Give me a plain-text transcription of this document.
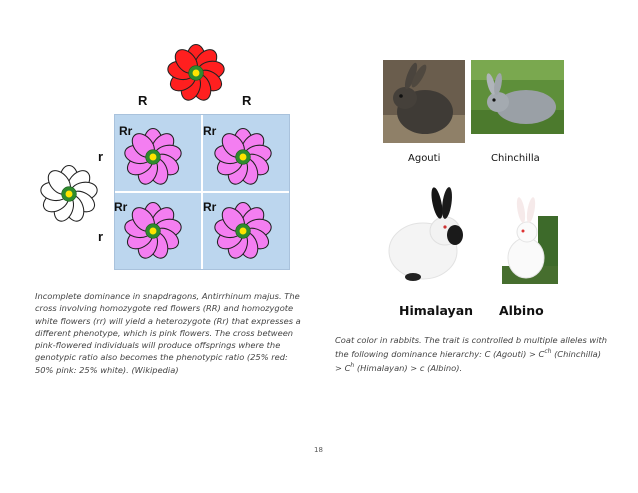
R	R
r
r
Rr	Rr
Rr	Rr
Incomplete dominance in snapdragons, Antirrhinum majus. The cross involving homozygote red flowers (RR) and homozygote white flowers (rr) will yield a heterozygote (Rr) that expresses a different phenotype, which is pink flowers. The cross between pink-flowered individuals will produce offsprings where the genotypic ratio also becomes the phenotypic ratio (25% red: 50% pink: 25% white). (Wikipedia)
Agouti	Chinchilla
Himalayan Albino
Coat color in rabbits. The trait is controlled b multiple alleles with the following dominance hierarchy: C (Agouti) > $C^{ch}$ (Chinchilla) > $C^h$ (Himalayan) > c (Albino).
18
